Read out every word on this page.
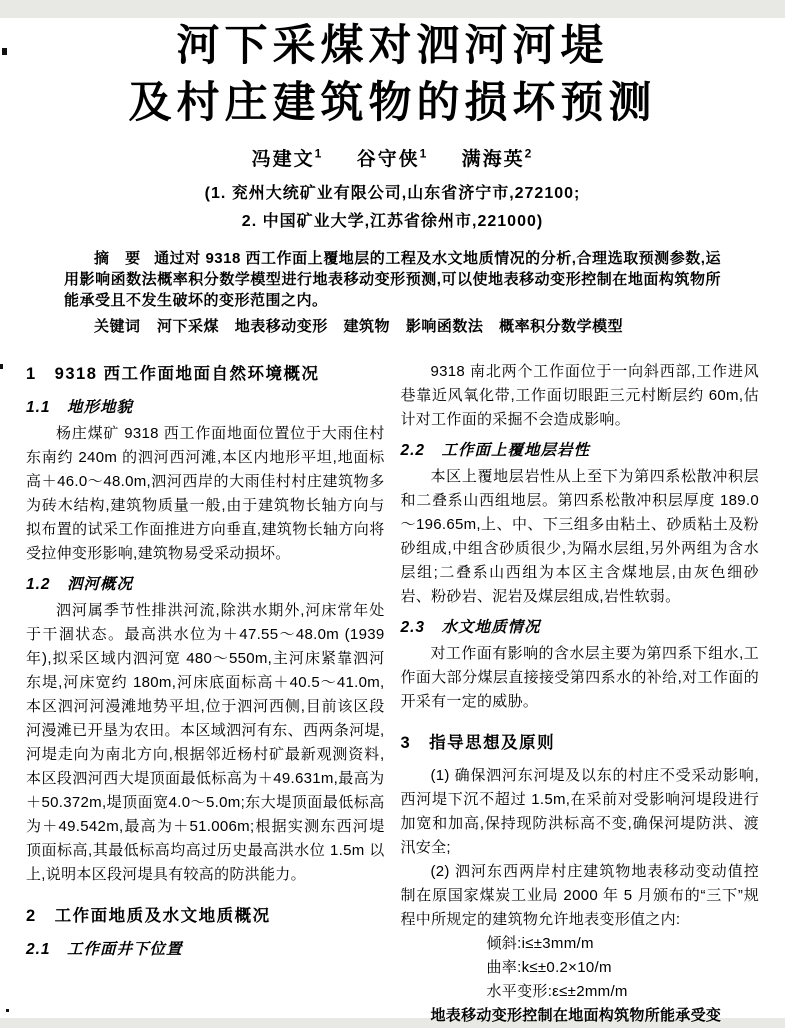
河下采煤对泗河河堤
及村庄建筑物的损坏预测
冯建文$^1$ 谷守侠$^1$ 满海英$^2$
(1. 兖州大统矿业有限公司,山东省济宁市,272100;
2. 中国矿业大学,江苏省徐州市,221000)

摘　要 通过对 9318 西工作面上覆地层的工程及水文地质情况的分析,合理选取预测参数,运用影响函数法概率积分数学模型进行地表移动变形预测,可以使地表移动变形控制在地面构筑物所能承受且不发生破坏的变形范围之内。

关键词 河下采煤 地表移动变形 建筑物 影响函数法 概率积分数学模型

1　9318 西工作面地面自然环境概况
1.1　地形地貌

杨庄煤矿 9318 西工作面地面位置位于大雨住村东南约 240m 的泗河西河滩,本区内地形平坦,地面标高＋46.0～48.0m,泗河西岸的大雨佳村村庄建筑物多为砖木结构,建筑物质量一般,由于建筑物长轴方向与拟布置的试采工作面推进方向垂直,建筑物长轴方向将受拉伸变形影响,建筑物易受采动损坏。

1.2　泗河概况

泗河属季节性排洪河流,除洪水期外,河床常年处于干涸状态。最高洪水位为＋47.55～48.0m (1939 年),拟采区域内泗河宽 480～550m,主河床紧靠泗河东堤,河床宽约 180m,河床底面标高＋40.5～41.0m,本区泗河河漫滩地势平坦,位于泗河西侧,目前该区段河漫滩已开垦为农田。本区域泗河有东、西两条河堤,河堤走向为南北方向,根据邻近杨村矿最新观测资料,本区段泗河西大堤顶面最低标高为＋49.631m,最高为＋50.372m,堤顶面宽4.0～5.0m;东大堤顶面最低标高为＋49.542m,最高为＋51.006m;根据实测东西河堤顶面标高,其最低标高均高过历史最高洪水位 1.5m 以上,说明本区段河堤具有较高的防洪能力。

2　工作面地质及水文地质概况
2.1　工作面井下位置

9318 南北两个工作面位于一向斜西部,工作进风巷靠近风氧化带,工作面切眼距三元村断层约 60m,估计对工作面的采掘不会造成影响。

2.2　工作面上覆地层岩性

本区上覆地层岩性从上至下为第四系松散冲积层和二叠系山西组地层。第四系松散冲积层厚度 189.0～196.65m,上、中、下三组多由粘土、砂质粘土及粉砂组成,中组含砂质很少,为隔水层组,另外两组为含水层组;二叠系山西组为本区主含煤地层,由灰色细砂岩、粉砂岩、泥岩及煤层组成,岩性软弱。

2.3　水文地质情况

对工作面有影响的含水层主要为第四系下组水,工作面大部分煤层直接接受第四系水的补给,对工作面的开采有一定的威胁。

3　指导思想及原则

(1) 确保泗河东河堤及以东的村庄不受采动影响,西河堤下沉不超过 1.5m,在采前对受影响河堤段进行加宽和加高,保持现防洪标高不变,确保河堤防洪、渡汛安全;

(2) 泗河东西两岸村庄建筑物地表移动变动值控制在原国家煤炭工业局 2000 年 5 月颁布的“三下”规程中所规定的建筑物允许地表变形值之内:

倾斜:i≤±3mm/m
曲率:k≤±0.2×10/m
水平变形:ε≤±2mm/m

地表移动变形控制在地面构筑物所能承受变
